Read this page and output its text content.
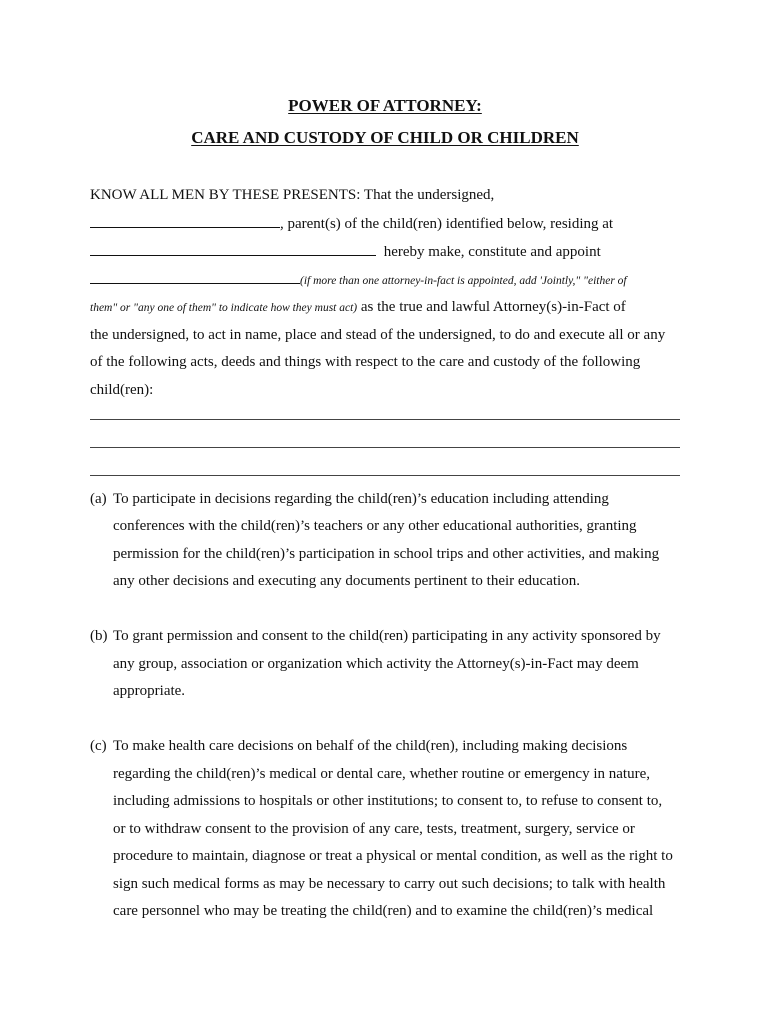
POWER OF ATTORNEY:
CARE AND CUSTODY OF CHILD OR CHILDREN
KNOW ALL MEN BY THESE PRESENTS: That the undersigned,
, parent(s) of the child(ren) identified below, residing at
hereby make, constitute and appoint
(if more than one attorney-in-fact is appointed, add 'Jointly," "either of
them" or "any one of them" to indicate how they must act) as the true and lawful Attorney(s)-in-Fact of
the undersigned, to act in name, place and stead of the undersigned, to do and execute all or any
of the following acts, deeds and things with respect to the care and custody of the following
child(ren):
(a) To participate in decisions regarding the child(ren)’s education including attending
conferences with the child(ren)’s teachers or any other educational authorities, granting
permission for the child(ren)’s participation in school trips and other activities, and making
any other decisions and executing any documents pertinent to their education.
(b) To grant permission and consent to the child(ren) participating in any activity sponsored by
any group, association or organization which activity the Attorney(s)-in-Fact may deem
appropriate.
(c) To make health care decisions on behalf of the child(ren), including making decisions
regarding the child(ren)’s medical or dental care, whether routine or emergency in nature,
including admissions to hospitals or other institutions; to consent to, to refuse to consent to,
or to withdraw consent to the provision of any care, tests, treatment, surgery, service or
procedure to maintain, diagnose or treat a physical or mental condition, as well as the right to
sign such medical forms as may be necessary to carry out such decisions; to talk with health
care personnel who may be treating the child(ren) and to examine the child(ren)’s medical
